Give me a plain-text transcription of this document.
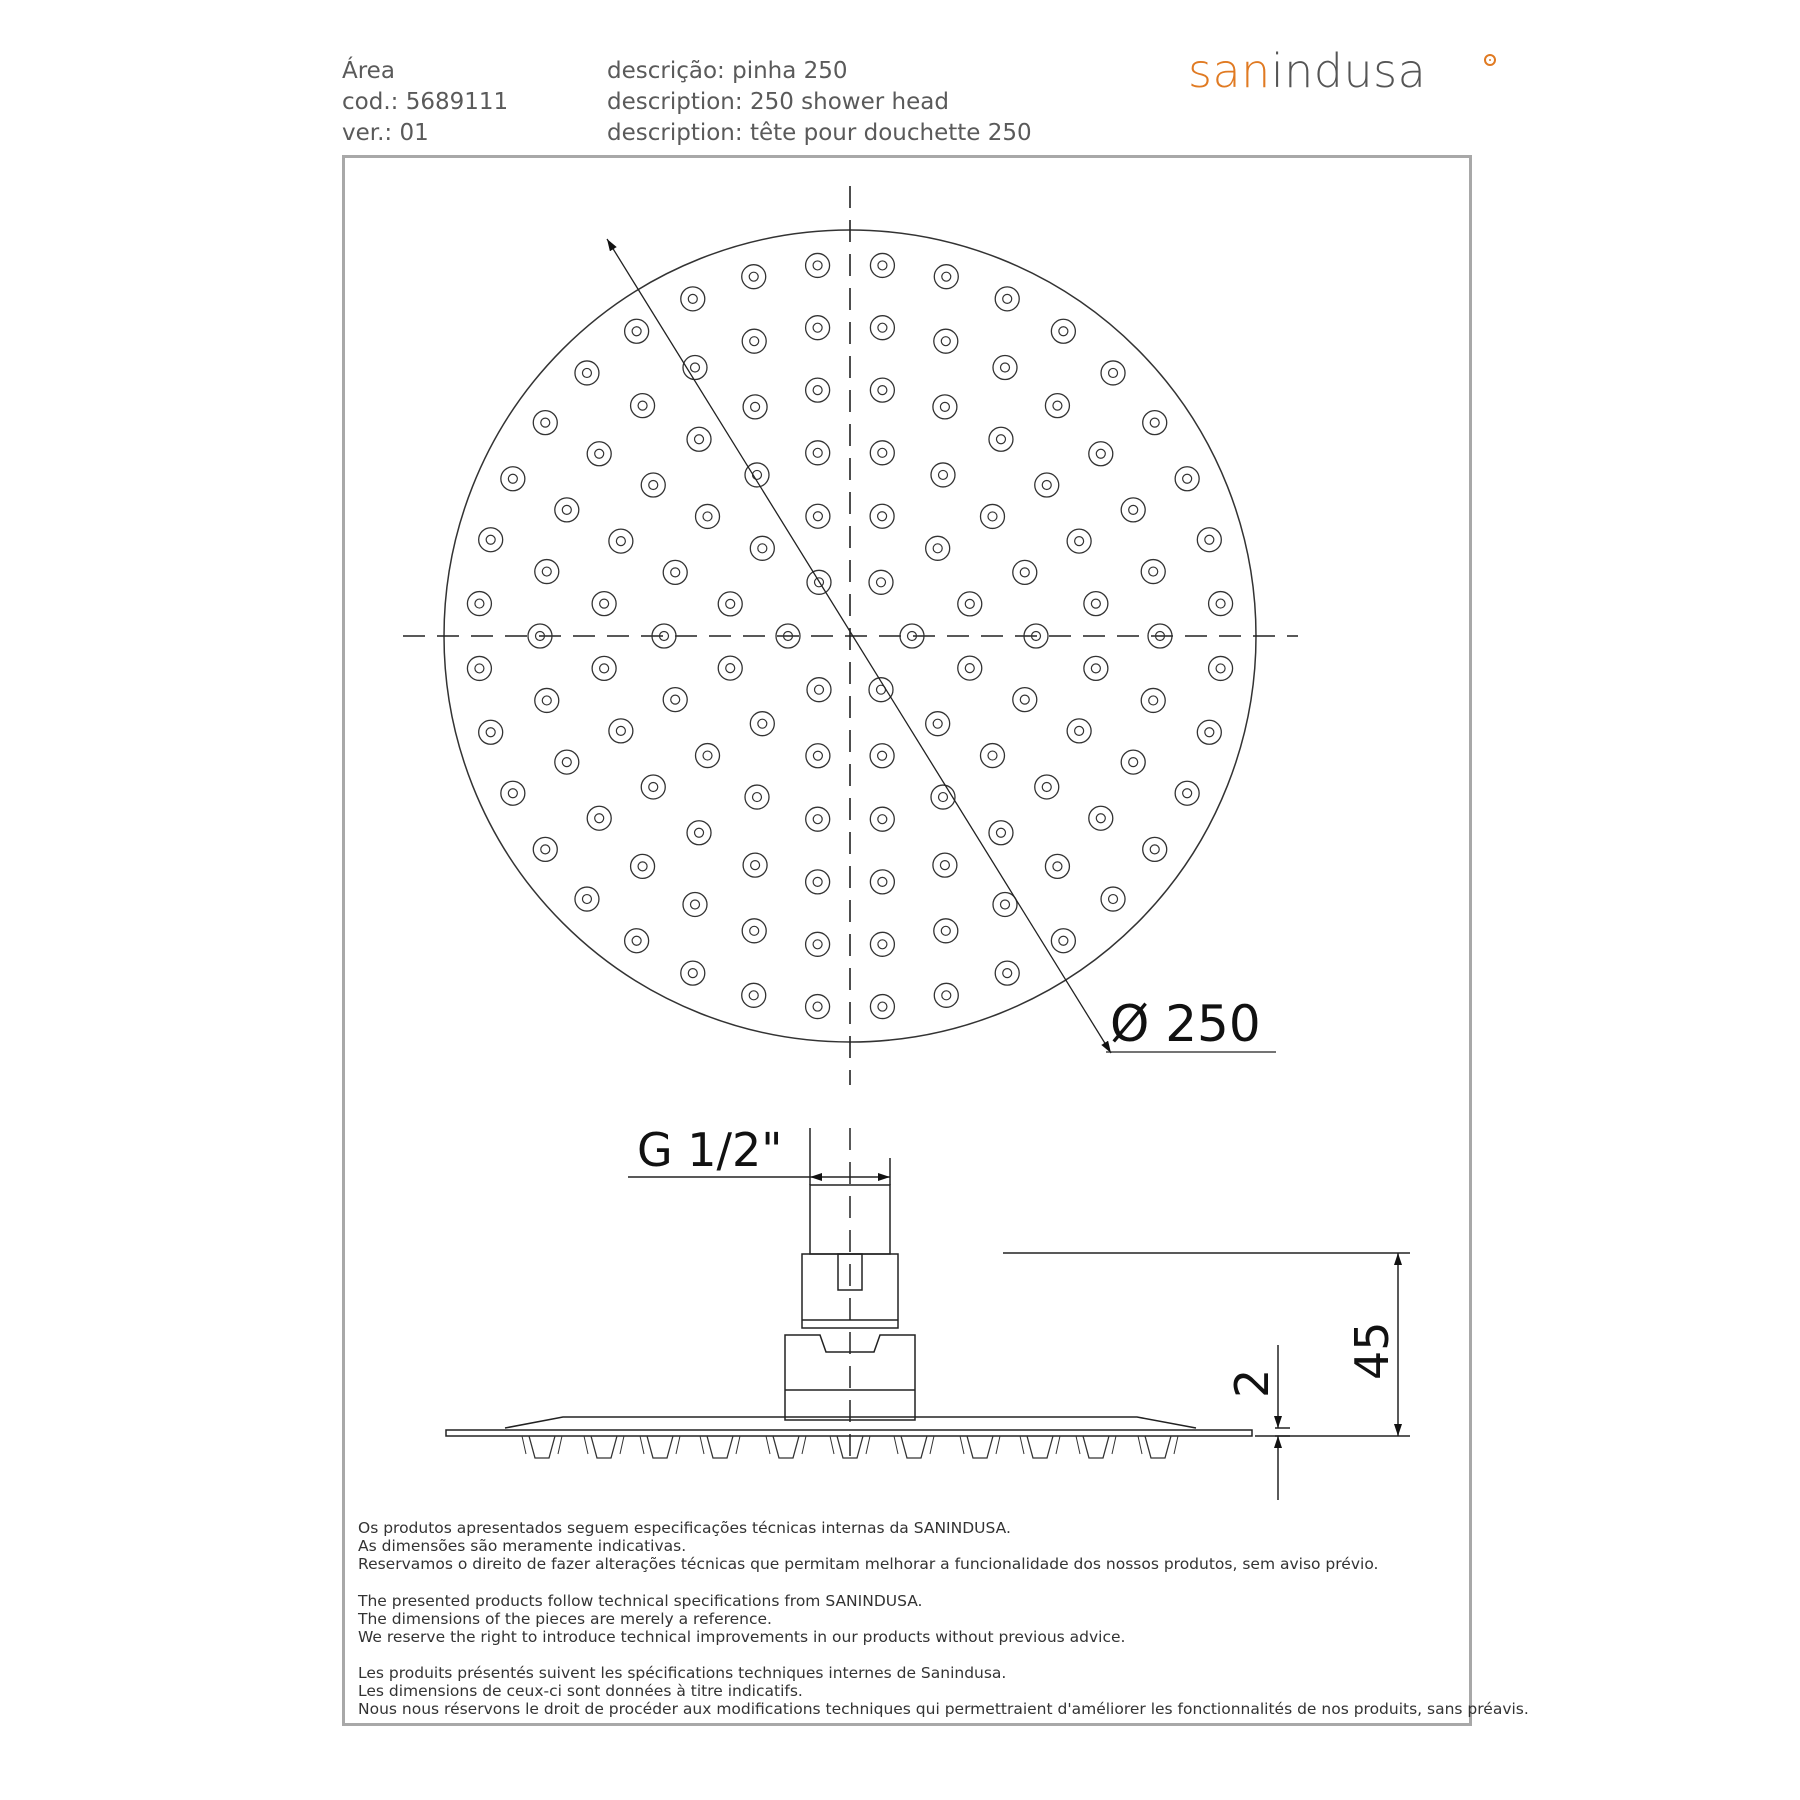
Área
cod.: 5689111
ver.: 01
descrição: pinha 250
description: 250 shower head
description: tête pour douchette 250
sanindusa
Ø 250
G 1/2"
45
2
Os produtos apresentados seguem especificações técnicas internas da SANINDUSA.
As dimensões são meramente indicativas.
Reservamos o direito de fazer alterações técnicas que permitam melhorar a funcionalidade dos nossos produtos, sem aviso prévio.
The presented products follow technical specifications from SANINDUSA.
The dimensions of the pieces are merely a reference.
We reserve the right to introduce technical improvements in our products without previous advice.
Les produits présentés suivent les spécifications techniques internes de Sanindusa.
Les dimensions de ceux-ci sont données à titre indicatifs.
Nous nous réservons le droit de procéder aux modifications techniques qui permettraient d'améliorer les fonctionnalités de nos produits, sans préavis.
